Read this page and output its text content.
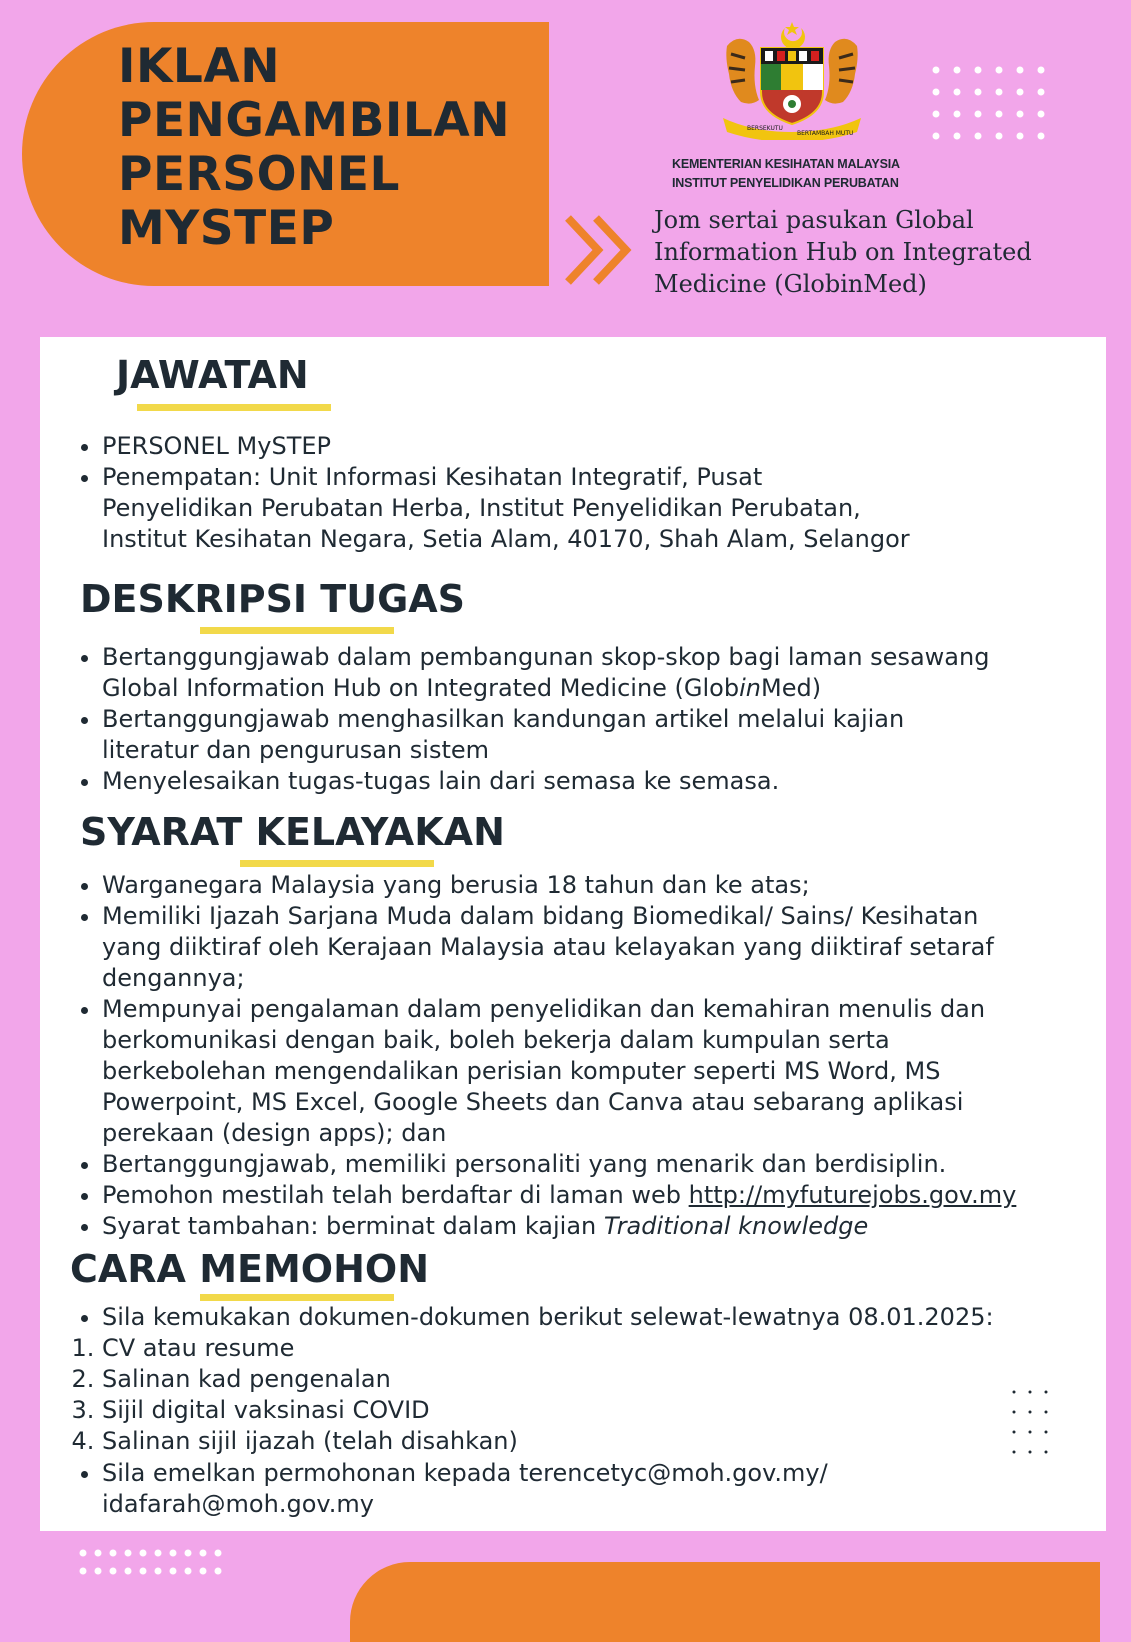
IKLAN
PENGAMBILAN
PERSONEL
MYSTEP
BERSEKUTU
BERTAMBAH MUTU
KEMENTERIAN KESIHATAN MALAYSIA
INSTITUT PENYELIDIKAN PERUBATAN
Jom sertai pasukan Global Information Hub on Integrated Medicine (GlobinMed)
JAWATAN
• PERSONEL MySTEP
• Penempatan: Unit Informasi Kesihatan Integratif, Pusat Penyelidikan Perubatan Herba, Institut Penyelidikan Perubatan, Institut Kesihatan Negara, Setia Alam, 40170, Shah Alam, Selangor
DESKRIPSI TUGAS
• Bertanggungjawab dalam pembangunan skop-skop bagi laman sesawang Global Information Hub on Integrated Medicine (GlobinMed)
• Bertanggungjawab menghasilkan kandungan artikel melalui kajian literatur dan pengurusan sistem
• Menyelesaikan tugas-tugas lain dari semasa ke semasa.
SYARAT KELAYAKAN
• Warganegara Malaysia yang berusia 18 tahun dan ke atas;
• Memiliki Ijazah Sarjana Muda dalam bidang Biomedikal/ Sains/ Kesihatan yang diiktiraf oleh Kerajaan Malaysia atau kelayakan yang diiktiraf setaraf dengannya;
• Mempunyai pengalaman dalam penyelidikan dan kemahiran menulis dan berkomunikasi dengan baik, boleh bekerja dalam kumpulan serta berkebolehan mengendalikan perisian komputer seperti MS Word, MS Powerpoint, MS Excel, Google Sheets dan Canva atau sebarang aplikasi perekaan (design apps); dan
• Bertanggungjawab, memiliki personaliti yang menarik dan berdisiplin.
• Pemohon mestilah telah berdaftar di laman web http://myfuturejobs.gov.my
• Syarat tambahan: berminat dalam kajian Traditional knowledge
CARA MEMOHON
• Sila kemukakan dokumen-dokumen berikut selewat-lewatnya 08.01.2025:
1. CV atau resume
2. Salinan kad pengenalan
3. Sijil digital vaksinasi COVID
4. Salinan sijil ijazah (telah disahkan)
• Sila emelkan permohonan kepada terencetyc@moh.gov.my/ idafarah@moh.gov.my
